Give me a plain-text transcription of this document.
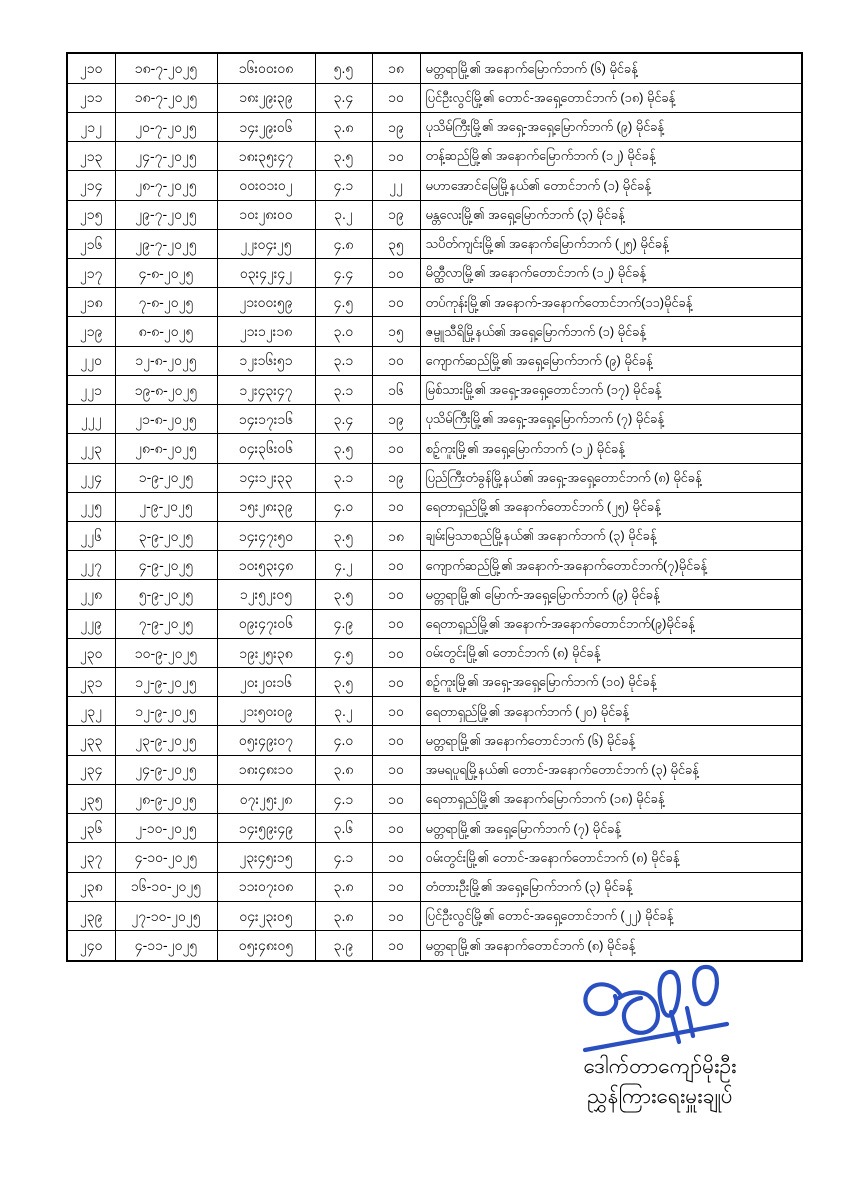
၂၁၀	၁၈-၇-၂၀၂၅	၁၆း၀၀း၀၈	၅.၅	၁၈	မတ္တရာမြို့၏ အနောက်မြောက်ဘက် (၆) မိုင်ခန့်
၂၁၁	၁၈-၇-၂၀၂၅	၁၈း၂၉း၃၉	၃.၄	၁၀	ပြင်ဦးလွင်မြို့၏ တောင်-အရှေ့တောင်ဘက် (၁၈) မိုင်ခန့်
၂၁၂	၂၀-၇-၂၀၂၅	၁၄း၂၉း၀၆	၃.၈	၁၉	ပုသိမ်ကြီးမြို့၏ အရှေ့-အရှေ့မြောက်ဘက် (၉) မိုင်ခန့်
၂၁၃	၂၄-၇-၂၀၂၅	၁၈း၃၅း၄၇	၃.၅	၁၀	တန့်ဆည်မြို့၏ အနောက်မြောက်ဘက် (၁၂) မိုင်ခန့်
၂၁၄	၂၈-၇-၂၀၂၅	၀၀း၀၁း၀၂	၄.၁	၂၂	မဟာအောင်မြေမြို့နယ်၏ တောင်ဘက် (၁) မိုင်ခန့်
၂၁၅	၂၉-၇-၂၀၂၅	၁၀း၂၈း၀၀	၃.၂	၁၉	မန္တလေးမြို့၏ အရှေ့မြောက်ဘက် (၃) မိုင်ခန့်
၂၁၆	၂၉-၇-၂၀၂၅	၂၂း၀၄း၂၅	၄.၈	၃၅	သပိတ်ကျင်းမြို့၏ အနောက်မြောက်ဘက် (၂၅) မိုင်ခန့်
၂၁၇	၄-၈-၂၀၂၅	၀၃း၄၂း၄၂	၄.၄	၁၀	မိတ္ထီလာမြို့၏ အနောက်တောင်ဘက် (၁၂) မိုင်ခန့်
၂၁၈	၇-၈-၂၀၂၅	၂၁း၀၀း၅၉	၄.၅	၁၀	တပ်ကုန်းမြို့၏ အနောက်-အနောက်တောင်ဘက်(၁၁)မိုင်ခန့်
၂၁၉	၈-၈-၂၀၂၅	၂၁း၁၂း၁၈	၃.၀	၁၅	ဇမ္ဗူသီရိမြို့နယ်၏ အရှေ့မြောက်ဘက် (၁) မိုင်ခန့်
၂၂၀	၁၂-၈-၂၀၂၅	၁၂း၁၆း၅၁	၃.၁	၁၀	ကျောက်ဆည်မြို့၏ အရှေ့မြောက်ဘက် (၉) မိုင်ခန့်
၂၂၁	၁၉-၈-၂၀၂၅	၁၂း၄၃း၄၇	၃.၁	၁၆	မြစ်သားမြို့၏ အရှေ့-အရှေ့တောင်ဘက် (၁၇) မိုင်ခန့်
၂၂၂	၂၁-၈-၂၀၂၅	၁၄း၁၇း၁၆	၃.၄	၁၉	ပုသိမ်ကြီးမြို့၏ အရှေ့-အရှေ့မြောက်ဘက် (၇) မိုင်ခန့်
၂၂၃	၂၈-၈-၂၀၂၅	၀၄း၃၆း၀၆	၃.၅	၁၀	စဉ့်ကူးမြို့၏ အရှေ့မြောက်ဘက် (၁၂) မိုင်ခန့်
၂၂၄	၁-၉-၂၀၂၅	၁၄း၁၂း၃၃	၃.၁	၁၉	ပြည်ကြီးတံခွန်မြို့နယ်၏ အရှေ့-အရှေ့တောင်ဘက် (၈) မိုင်ခန့်
၂၂၅	၂-၉-၂၀၂၅	၁၅း၂၈း၃၉	၄.၀	၁၀	ရေတာရှည်မြို့၏ အနောက်တောင်ဘက် (၂၅) မိုင်ခန့်
၂၂၆	၃-၉-၂၀၂၅	၁၄း၄၇း၅၀	၃.၅	၁၈	ချမ်းမြသာစည်မြို့နယ်၏ အနောက်ဘက် (၃) မိုင်ခန့်
၂၂၇	၄-၉-၂၀၂၅	၁၀း၅၃း၄၈	၄.၂	၁၀	ကျောက်ဆည်မြို့၏ အနောက်-အနောက်တောင်ဘက်(၇)မိုင်ခန့်
၂၂၈	၅-၉-၂၀၂၅	၁၂း၅၂း၀၅	၃.၅	၁၀	မတ္တရာမြို့၏ မြောက်-အရှေ့မြောက်ဘက် (၉) မိုင်ခန့်
၂၂၉	၇-၉-၂၀၂၅	၀၉း၄၇း၀၆	၄.၉	၁၀	ရေတာရှည်မြို့၏ အနောက်-အနောက်တောင်ဘက်(၉)မိုင်ခန့်
၂၃၀	၁၀-၉-၂၀၂၅	၁၉း၂၅း၃၈	၄.၅	၁၀	ဝမ်းတွင်းမြို့၏ တောင်ဘက် (၈) မိုင်ခန့်
၂၃၁	၁၂-၉-၂၀၂၅	၂၀း၂၀း၁၆	၃.၅	၁၀	စဉ့်ကူးမြို့၏ အရှေ့-အရှေ့မြောက်ဘက် (၁၀) မိုင်ခန့်
၂၃၂	၁၂-၉-၂၀၂၅	၂၁း၅၀း၀၉	၃.၂	၁၀	ရေတာရှည်မြို့၏ အနောက်ဘက် (၂၀) မိုင်ခန့်
၂၃၃	၂၃-၉-၂၀၂၅	၀၅း၄၉း၀၇	၄.၀	၁၀	မတ္တရာမြို့၏ အနောက်တောင်ဘက် (၆) မိုင်ခန့်
၂၃၄	၂၄-၉-၂၀၂၅	၁၈း၄၈း၁၀	၃.၈	၁၀	အမရပူရမြို့နယ်၏ တောင်-အနောက်တောင်ဘက် (၃) မိုင်ခန့်
၂၃၅	၂၈-၉-၂၀၂၅	၀၇း၂၅း၂၈	၄.၁	၁၀	ရေတာရှည်မြို့၏ အနောက်မြောက်ဘက် (၁၈) မိုင်ခန့်
၂၃၆	၂-၁၀-၂၀၂၅	၁၄း၅၉း၄၉	၃.၆	၁၀	မတ္တရာမြို့၏ အရှေ့မြောက်ဘက် (၇) မိုင်ခန့်
၂၃၇	၄-၁၀-၂၀၂၅	၂၃း၄၅း၁၅	၄.၁	၁၀	ဝမ်းတွင်းမြို့၏ တောင်-အနောက်တောင်ဘက် (၈) မိုင်ခန့်
၂၃၈	၁၆-၁၀-၂၀၂၅	၁၁း၀၇း၀၈	၃.၈	၁၀	တံတားဦးမြို့၏ အရှေ့မြောက်ဘက် (၃) မိုင်ခန့်
၂၃၉	၂၇-၁၀-၂၀၂၅	၀၄း၂၃း၀၅	၃.၈	၁၀	ပြင်ဦးလွင်မြို့၏ တောင်-အရှေ့တောင်ဘက် (၂၂) မိုင်ခန့်
၂၄၀	၄-၁၁-၂၀၂၅	၀၅း၄၈း၀၅	၃.၉	၁၀	မတ္တရာမြို့၏ အနောက်တောင်ဘက် (၈) မိုင်ခန့်
ဒေါက်တာကျော်မိုးဦး
ညွှန်ကြားရေးမှူးချုပ်
